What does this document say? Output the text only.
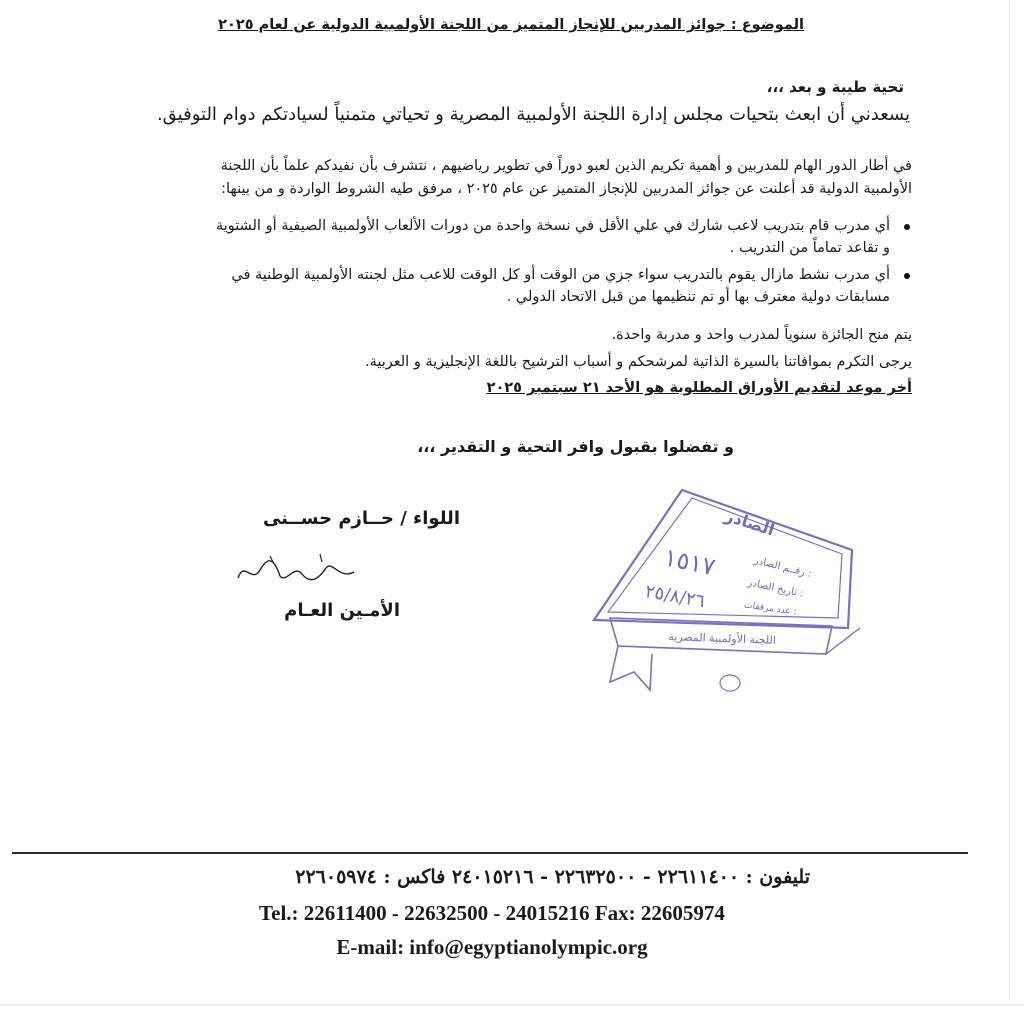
الموضوع : جوائز المدربين للإنجاز المتميز من اللجنة الأولمبية الدولية عن لعام ٢٠٢٥
تحية طيبة و بعد ،،،
يسعدني أن ابعث بتحيات مجلس إدارة اللجنة الأولمبية المصرية و تحياتي متمنياً لسيادتكم دوام التوفيق.
في أطار الدور الهام للمدربين و أهمية تكريم الذين لعبو دوراً في تطوير رياضيهم ، نتشرف بأن نفيدكم علماً بأن اللجنة
الأولمبية الدولية قد أعلنت عن جوائز المدربين للإنجاز المتميز عن عام ٢٠٢٥ ، مرفق طيه الشروط الواردة و من بينها:
أي مدرب قام بتدريب لاعب شارك في علي الأقل في نسخة واحدة من دورات الألعاب الأولمبية الصيفية أو الشتوية
و تقاعد تماماً من التدريب .
أي مدرب نشط مازال يقوم بالتدريب سواء جزي من الوقت أو كل الوقت للاعب مثل لجنته الأولمبية الوطنية في
مسابقات دولية معترف بها أو تم تنظيمها من قبل الاتحاد الدولي .
يتم منح الجائزة سنوياً لمدرب واحد و مدربة واحدة.
يرجى التكرم بموافاتنا بالسيرة الذاتية لمرشحكم و أسباب الترشيح باللغة الإنجليزية و العربية.
أخر موعد لتقديم الأوراق المطلوبة هو الأحد ٢١ سبتمبر ٢٠٢٥
و تفضلوا بقبول وافر التحية و التقدير ،،،
اللواء / حــازم حســنى
الأمـين العـام
الصادر
رقــم الصادر :
١٥١٧
تاريخ الصادر :
٢٥/٨/٢٦	عدد مرفقات :
اللجنة الأولمبية المصرية
تليفون : ٢٢٦١١٤٠٠ - ٢٢٦٣٢٥٠٠ - ٢٤٠١٥٢١٦ فاكس : ٢٢٦٠٥٩٧٤
Tel.: 22611400 - 22632500 - 24015216 Fax: 22605974
E-mail: info@egyptianolympic.org
